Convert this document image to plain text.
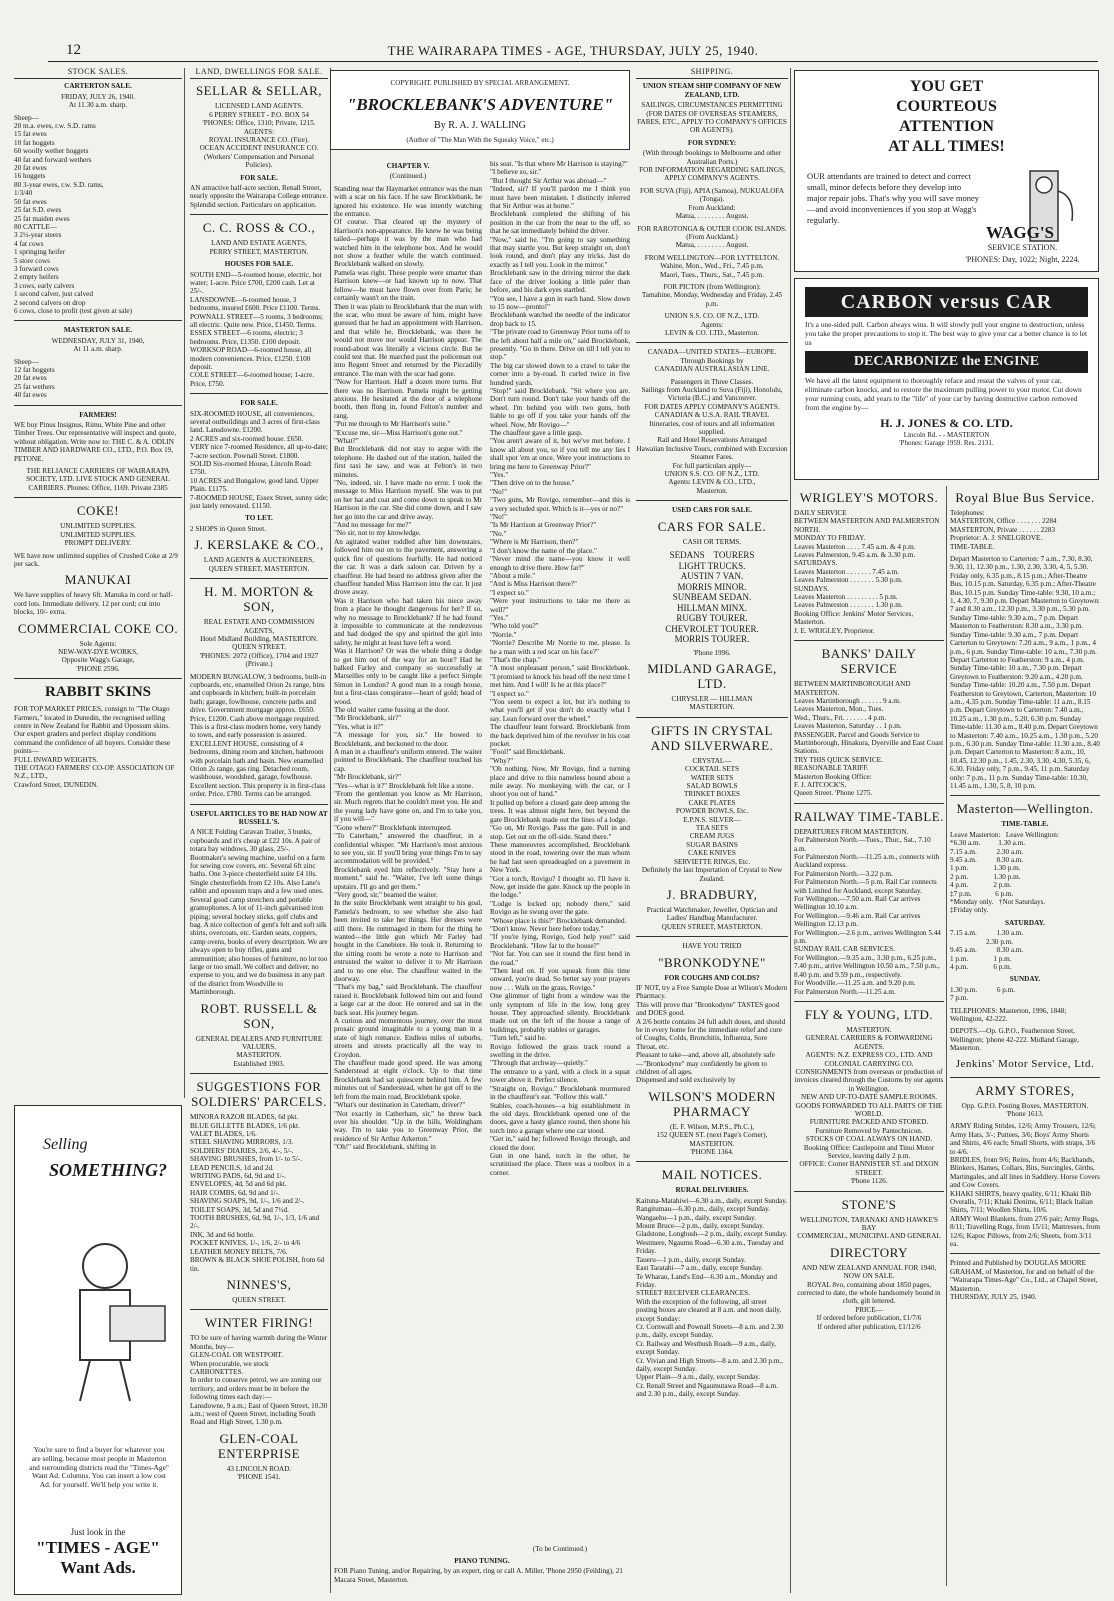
12	THE WAIRARAPA TIMES - AGE, THURSDAY, JULY 25, 1940.
STOCK SALES.
CARTERTON SALE.
FRIDAY, JULY 26, 1940.
At 11.30 a.m. sharp.
Sheep—
20 m.a. ewes, r.w. S.D. rams
15 fat ewes
10 fat hoggets
60 woolly wether hoggets
40 fat and forward wethers
20 fat ewes
16 hoggets
80 3-year ewes, r.w. S.D. rams,
1/3/40
50 fat ewes
25 fat S.D. ewes
25 fat maiden ewes
80 CATTLE—
3 2½-year steers
4 fat cows
1 springing heifer
5 store cows
3 forward cows
2 empty heifers
3 cows, early calvers
1 second calver, just calved
2 second calvers on drop
6 cows, close to profit (test given at sale)
MASTERTON SALE.
WEDNESDAY, JULY 31, 1940,
At 11 a.m. sharp.
Sheep—
12 fat hoggets
20 fat ewes
25 fat wethers
40 fat ewes
FARMERS!
WE buy Pinus Insignus, Rimu, White Pine and other Timber Trees. Our representative will inspect and quote, without obligation. Write now to: THE C. & A. ODLIN TIMBER AND HARDWARE CO., LTD., P.O. Box 19, PETONE.
THE RELIANCE CARRIERS OF WAIRARAPA SOCIETY, LTD. LIVE STOCK AND GENERAL CARRIERS. Phones: Office, 1169. Private 2385
COKE!
UNLIMITED SUPPLIES.
UNLIMITED SUPPLIES.
PROMPT DELIVERY.
WE have now unlimited supplies of Crushed Coke at 2/9 per sack.
MANUKAI
We have supplies of heavy 6ft. Manuka in cord or half-cord lots. Immediate delivery. 12 per cord; cut into blocks, 10/- extra.
COMMERCIAL COKE CO.
Sole Agents:
NEW-WAY-DYE WORKS,
Opposite Wagg's Garage,
'PHONE 2596.
RABBIT SKINS
FOR TOP MARKET PRICES, consign to "The Otago Farmers," located in Dunedin, the recognised selling centre in New Zealand for Rabbit and Opossum skins. Our expert graders and perfect display conditions command the confidence of all buyers. Consider these points—
FULL INWARD WEIGHTS.
THE OTAGO FARMERS' CO-OP. ASSOCIATION OF N.Z., LTD.,
Crawford Street, DUNEDIN.
Selling
SOMETHING?
You're sure to find a buyer for whatever you are selling, because most people in Masterton and surrounding districts read the "Times-Age" Want Ad. Columns. You can insert a low cost Ad. for yourself. We'll help you write it.
Just look in the
"TIMES - AGE"
Want Ads.
LAND, DWELLINGS FOR SALE.
SELLAR & SELLAR,
LICENSED LAND AGENTS.
6 PERRY STREET - P.O. BOX 54
'PHONES: Office, 1310; Private, 1215.
AGENTS:
ROYAL INSURANCE CO. (Fire).
OCEAN ACCIDENT INSURANCE CO. (Workers' Compensation and Personal Policies).
FOR SALE.
AN attractive half-acre section, Renall Street, nearly opposite the Wairarapa College entrance. Splendid section. Particulars on application.
C. C. ROSS & CO.,
LAND AND ESTATE AGENTS,
PERRY STREET, MASTERTON.
HOUSES FOR SALE.
SOUTH END—5-roomed house, electric, hot water; 1-acre. Price £700, £200 cash. Let at 25/-.
LANSDOWNE—6-roomed house, 3 bedrooms, insured £600. Price £1100. Terms.
POWNALL STREET—5 rooms, 3 bedrooms; all electric. Quite new. Price, £1450. Terms.
ESSEX STREET—6 rooms, electric; 3 bedrooms. Price, £1350. £100 deposit.
WORKSOP ROAD—6-roomed house, all modern conveniences. Price, £1250. £100 deposit.
COLE STREET—6-roomed house; 1-acre. Price, £750.
FOR SALE.
SIX-ROOMED HOUSE, all conveniences, several outbuildings and 3 acres of first-class land. Lansdowne. £1200.
2 ACRES and six-roomed house. £650.
VERY nice 7-roomed Residence, all up-to-date; 7-acre section. Pownall Street. £1800.
SOLID Six-roomed House, Lincoln Road: £750.
10 ACRES and Bungalow, good land. Upper Plain. £1175.
7-ROOMED HOUSE, Essex Street, sunny side; just lately renovated. £1150.
TO LET.
2 SHOPS in Queen Street.
J. KERSLAKE & CO.,
LAND AGENTS & AUCTIONEERS,
QUEEN STREET, MASTERTON.
H. M. MORTON & SON,
REAL ESTATE AND COMMISSION AGENTS,
Hotel Midland Building, MASTERTON.
QUEEN STREET.
'PHONES: 2072 (Office), 1704 and 1927 (Private.)
MODERN BUNGALOW, 3 bedrooms, built-in cupboards, etc, enamelled Orion 2s range, bins and cupboards in kitchen; built-in porcelain bath; garage, fowlhouse, concrete paths and drive. Government mortgage approx. £650. Price, £1200. Cash above mortgage required. This is a first-class modern home, very handy to town, and early possession is assured.
EXCELLENT HOUSE, consisting of 4 bedrooms, dining room and kitchen, bathroom with porcelain bath and basin. New enamelled Orion 2s range, gas ring. Detached room, washhouse, woodshed, garage, fowlhouse. Excellent section. This property is in first-class order. Price, £780. Terms can be arranged.
USEFUL ARTICLES TO BE HAD NOW AT RUSSELL'S.
A NICE Folding Caravan Trailer, 3 bunks, cupboards and it's cheap at £22 10s. A pair of totara bay windows, 30 glass, 25/-. Bootmaker's sewing machine, useful on a farm for sewing cow covers, etc. Several 6ft zinc baths. One 3-piece chesterfield suite £4 10s. Single chesterfields from £2 10s. Also Lane's rabbit and opossum traps and a few used ones. Several good camp stretchers and portable gramophones. A lot of 11-inch galvanised iron piping; several hockey sticks, golf clubs and bag. A nice collection of gent's felt and soft silk shirts, overcoats, etc. Garden seats, coppers, camp ovens, books of every description. We are always open to buy rifles, guns and ammunition; also houses of furniture, no lot too large or too small. We collect and deliver, no expense to you, and we do business in any part of the district from Woodville to Martinborough.
ROBT. RUSSELL & SON,
GENERAL DEALERS AND FURNITURE VALUERS.
MASTERTON.
Established 1903.
SUGGESTIONS FOR SOLDIERS' PARCELS.
MINORA RAZOR BLADES, 6d pkt.
BLUE GILLETTE BLADES, 1/6 pkt.
VALET BLADES, 1/6.
STEEL SHAVING MIRRORS, 1/3.
SOLDIERS' DIARIES, 2/6, 4/-, 5/-.
SHAVING BRUSHES, from 1/- to 5/-.
LEAD PENCILS, 1d and 2d.
WRITING PADS, 6d, 9d and 1/-.
ENVELOPES, 4d, 5d and 6d pkt.
HAIR COMBS, 6d, 9d and 1/-.
SHAVING SOAPS, 9d, 1/-, 1/6 and 2/-.
TOILET SOAPS, 3d, 5d and 7½d.
TOOTH BRUSHES, 6d, 9d, 1/-, 1/3, 1/6 and 2/-.
INK, 3d and 6d bottle.
POCKET KNIVES, 1/-, 1/6, 2/- to 4/6
LEATHER MONEY BELTS, 7/6.
BROWN & BLACK SHOE POLISH, from 6d tin.
NINNES'S,
QUEEN STREET.
WINTER FIRING!
TO be sure of having warmth during the Winter Months, buy—
GLEN-COAL OR WESTPORT.
When procurable, we stock
CARBONETTES.
In order to conserve petrol, we are zoning our territory, and orders must be in before the following times each day:—
Lansdowne, 9 a.m.; East of Queen Street, 10.30 a.m.; west of Queen Street, including South Road and High Street, 1.30 p.m.
GLEN-COAL ENTERPRISE
43 LINCOLN ROAD.
'PHONE 1541.
COPYRIGHT. PUBLISHED BY SPECIAL ARRANGEMENT.
"BROCKLEBANK'S ADVENTURE"
By R. A. J. WALLING
(Author of "The Man With the Squeaky Voice," etc.)
CHAPTER V.
(Continued.)
Standing near the Haymarket entrance was the man with a scar on his face. If he saw Brocklebank, he ignored his existence. He was intently watching the entrance.
Of course. That cleared up the mystery of Harrison's non-appearance. He knew he was being tailed—perhaps it was by the man who had watched him in the telephone box. And he would not show a feather while the watch continued. Brocklebank walked on slowly.
Pamela was right. These people were smarter than Harrison knew—or had known up to now. That fellow—he must have flown over from Paris; he certainly wasn't on the train.
Then it was plain to Brocklebank that the man with the scar, who must be aware of him, might have guessed that he had an appointment with Harrison, and that while he, Brocklebank, was there he would not move nor would Harrison appear. The round-about was literally a vicious circle. But he could test that. He marched past the policeman out into Regent Street and returned by the Piccadilly entrance. The man with the scar had gone.
"Now for Harrison. Half a dozen more turns. But there was no Harrison. Pamela might be getting anxious. He hesitated at the door of a telephone booth, then flung in, found Felton's number and rang.
"Put me through to Mr Harrison's suite."
"Excuse me, sir—Miss Harrison's gone out."
"What?"
But Brocklebank did not stay to argue with the telephone. He dashed out of the station, hailed the first taxi he saw, and was at Felton's in two minutes.
"No, indeed, sir. I have made no error. I took the message to Miss Harrison myself. She was to put on her hat and coat and come down to speak to Mr Harrison in the car. She did come down, and I saw her go into the car and drive away.
"And no message for me?"
"No sir, not to my knowledge.
An agitated waiter toddled after him downstairs, followed him out on to the pavement, answering a quick fire of questions fearfully. He had noticed the car. It was a dark saloon car. Driven by a chauffeur. He had heard no address given after the chauffeur handed Miss Harrison into the car. It just drove away.
Was it Harrison who had taken his niece away from a place he thought dangerous for her? If so, why no message to Brocklebank? If he had found it impossible to communicate at the rendezvous and had dodged the spy and spirited the girl into safety, he might at least have left a word.
Was it Harrison? Or was the whole thing a dodge to get him out of the way for an hour? Had he balked Farley and company so successfully at Marseilles only to be caught like a perfect Simple Simon in London? A good man in a rough house, but a first-class conspirator—heart of gold; head of wood.
The old waiter came fussing at the door.
"Mr Brocklebank, sir?"
"Yes, what is it?"
"A message for you, sir." He bowed to Brocklebank, and beckoned to the door.
A man in a chauffeur's uniform entered. The waiter pointed to Brocklebank. The chauffeur touched his cap.
"Mr Brocklebank, sir?"
"Yes—what is it?" Brocklebank felt like a stone.
"From the gentleman you know as Mr Harrison, sir. Much regrets that he couldn't meet you. He and the young lady have gone on, and I'm to take you, if you will—"
"Gone where?" Brocklebank interrupted.
"To Caterham," answered the chauffeur, in a confidential whisper. "Mr Harrison's most anxious to see you, sir. If you'll bring your things I'm to say accommodation will be provided."
Brocklebank eyed him reflectively. "Stay here a moment," said he. "Waiter, I've left some things upstairs. I'll go and get them."
"Very good, sir," beamed the waiter.
In the suite Brocklebank went straight to his goal, Pamela's bedroom, to see whether she also had been invited to take her things. Her dresses were still there. He rummaged in them for the thing he wanted—the little gun which Mr Farley had bought in the Canebiere. He took it. Returning to the sitting room he wrote a note to Harrison and entrusted the waiter to deliver it to Mr Harrison and to no one else. The chauffeur waited in the doorway.
"That's my bag," said Brocklebank. The chauffeur raised it. Brocklebank followed him out and found a large car at the door. He entered and sat in the back seat. His journey began.
A curious and momentous journey, over the most prosaic ground imaginable to a young man in a state of high romance. Endless miles of suburbs, streets and streets practically all the way to Croydon.
The chauffeur made good speed. He was among Sanderstead at eight o'clock. Up to that time Brocklebank had sat quiescent behind him. A few minutes out of Sanderstead, when he got off to the left from the main road, Brocklebank spoke.
"What's our destination in Caterham, driver?"
"Not exactly in Catherham, sir," he threw back over his shoulder. "Up in the hills, Woldingham way. I'm to take you to Greenway Prior, the residence of Sir Arthur Arkerton."
"Oh!" said Brocklebank, shifting in
his seat. "Is that where Mr Harrison is staying?"
"I believe so, sir."
"But I thought Sir Arthur was abroad—"
"Indeed, sir? If you'll pardon me I think you must have been mistaken. I distinctly inferred that Sir Arthur was at home."
Brocklebank completed the shifting of his position in the car from the near to the off, so that he sat immediately behind the driver.
"Now," said he. "I'm going to say something that may startle you. But keep straight on, don't look round, and don't play any tricks. Just do exactly as I tell you. Look in the mirror."
Brocklebank saw in the driving mirror the dark face of the driver looking a little paler than before, and his dark eyes startled.
"You see, I have a gun in each hand. Slow down to 15 now—pronto!"
Brocklebank watched the needle of the indicator drop back to 15.
"The private road to Greenway Prior turns off to the left about half a mile on," said Brocklebank, presently. "Go in there. Drive on till I tell you to stop."
The big car slowed down to a crawl to take the corner into a by-road. It curled twice in five hundred yards.
"Stop!" said Brocklebank. "Sit where you are. Don't turn round. Don't take your hands off the wheel. I'm behind you with two guns, both liable to go off if you take your hands off the wheel. Now, Mr Rovigo—"
The chauffeur gave a little gasp.
"You aren't aware of it, but we've met before. I know all about you, so if you tell me any lies I shall spot 'em at once. Were your instructions to bring me here to Greenway Prior?"
"Yes."
"Then drive on to the house."
"No!"
"Two guns, Mr Rovigo, remember—and this is a very secluded spot. Which is it—yes or no?"
"No!"
"Is Mr Harrison at Greenway Prior?"
"No."
"Where is Mr Harrison, then?"
"I don't know the name of the place."
"Never mind the name—you know it well enough to drive there. How far?"
"About a mile."
"And is Miss Harrison there?"
"I expect so."
"Were your instructions to take me there as well?"
"Yes."
"Who told you?"
"Norrie."
"Norrie? Describe Mr Norrie to me, please. Is he a man with a red scar on his face?"
"That's the chap."
"A most unpleasant person," said Brocklebank. "I promised to knock his head off the next time I met him. And I will! Is he at this place?"
"I expect so."
"You seem to expect a lot, but it's nothing to what you'll get if you don't do exactly what I say. Lean forward over the wheel."
The chauffeur leant forward. Brocklebank from the back deprived him of the revolver in his coat pocket.
"Fool!" said Brocklebank.
"Why?"
"Oh nothing. Now, Mr Rovigo, find a turning place and drive to this nameless hound about a mile away. No monkeying with the car, or I shoot you out of hand."
It pulled up before a closed gate deep among the trees. It was almost night here, but beyond the gate Brocklebank made out the lines of a lodge.
"Go on, Mr Rovigo. Pass the gate. Pull in and stop. Get out on the off-side. Stand there."
These manoeuvres accomplished, Brocklebank stood in the road, towering over the man whom he had last seen spreadeagled on a pavement in New York.
"Got a torch, Rovigo? I thought so. I'll have it. Now, get inside the gate. Knock up the people in the lodge."
"Lodge is locked up; nobody there," said Rovigo as he swung over the gate.
"Whose place is this?" Brocklebank demanded.
"Don't know. Never here before today."
"If you're lying, Rovigo, God help you!" said Brocklebank. "How far to the house?"
"Not far. You can see it round the first bend in the road."
"Then lead on. If you squeak from this time onward, you're dead. So better say your prayers now . . . Walk on the grass, Rovigo."
One glimmer of light from a window was the only symptom of life in the low, long grey house. They approached silently. Brocklebank made out on the left of the house a range of buildings, probably stables or garages.
"Turn left," said he.
Rovigo followed the grass track round a swelling in the drive.
"Through that archway—quietly."
The entrance to a yard, with a clock in a squat tower above it. Perfect silence.
"Straight on, Rovigo." Brocklebank murmured in the chauffeur's ear. "Follow this wall."
Stables, coach-houses—a big establishment in the old days. Brocklebank opened one of the doors, gave a hasty glance round, then shone his torch into a garage where one car stood.
"Get in," said he; followed Rovigo through, and closed the door.
Gun in one hand, torch in the other, he scrutinised the place. There was a toolbox in a corner.
(To be Continued.)
PIANO TUNING.
FOR Piano Tuning, and/or Repairing, by an expert, ring or call A. Miller, 'Phone 2950 (Feilding), 21 Macara Street, Masterton.
SHIPPING.
UNION STEAM SHIP COMPANY OF NEW ZEALAND, LTD.
SAILINGS, CIRCUMSTANCES PERMITTING (FOR DATES OF OVERSEAS STEAMERS, FARES, ETC., APPLY TO COMPANY'S OFFICES OR AGENTS).
FOR SYDNEY:
(With through bookings to Melbourne and other Australian Ports.)
FOR INFORMATION REGARDING SAILINGS, APPLY COMPANY'S AGENTS.
FOR SUVA (Fiji), APIA (Samoa), NUKUALOFA (Tonga).
From Auckland:
Matua, . . . . . . . . August.
FOR RAROTONGA & OUTER COOK ISLANDS.
(From Auckland.)
Matua, . . . . . . . . August.
FROM WELLINGTON—FOR LYTTELTON.
Wahine, Mon., Wed., Fri., 7.45 p.m.
Maori, Tues., Thurs., Sat., 7.45 p.m.
FOR PICTON (from Wellington):
Tamahine, Monday, Wednesday and Friday, 2.45 p.m.
UNION S.S. CO. OF N.Z., LTD.
Agents:
LEVIN & CO. LTD., Masterton.
CANADA—UNITED STATES—EUROPE.
Through Bookings by
CANADIAN AUSTRALASIAN LINE.
Passengers in Three Classes.
Sailings from Auckland to Suva (Fiji), Honolulu, Victoria (B.C.) and Vancouver.
FOR DATES APPLY COMPANY'S AGENTS.
CANADIAN & U.S.A. RAIL TRAVEL
Itineraries, cost of tours and all information supplied.
Rail and Hotel Reservations Arranged
Hawaiian Inclusive Tours, combined with Excursion Steamer Fares.
For full particulars apply—
UNION S.S. CO. OF N.Z., LTD.
Agents: LEVIN & CO., LTD.,
Masterton.
USED CARS FOR SALE.
CARS FOR SALE.
CASH OR TERMS.
SEDANS    TOURERS
LIGHT TRUCKS.
AUSTIN 7 VAN.
MORRIS MINOR.
SUNBEAM SEDAN.
HILLMAN MINX.
RUGBY TOURER.
CHEVROLET TOURER.
MORRIS TOURER.
'Phone 1996.
MIDLAND GARAGE, LTD.
CHRYSLER — HILLMAN
MASTERTON.
GIFTS IN CRYSTAL AND SILVERWARE.
CRYSTAL—
COCKTAIL SETS
WATER SETS
SALAD BOWLS
TRINKET BOXES
CAKE PLATES
POWDER BOWLS, Etc.
E.P.N.S. SILVER—
TEA SETS
CREAM JUGS
SUGAR BASINS
CAKE KNIVES
SERVIETTE RINGS, Etc.
Definitely the last Importation of Crystal to New Zealand.
J. BRADBURY,
Practical Watchmaker, Jeweller, Optician and Ladies' Handbag Manufacturer.
QUEEN STREET, MASTERTON.
HAVE YOU TRIED
"BRONKODYNE"
FOR COUGHS AND COLDS?
IF NOT, try a Free Sample Dose at Wilson's Modern Pharmacy.
This will prove that "Bronkodyne" TASTES good and DOES good.
A 2/6 bottle contains 24 full adult doses, and should be in every home for the immediate relief and cure of Coughs, Colds, Bronchitis, Influenza, Sore Throat, etc.
Pleasant to take—and, above all, absolutely safe—"Bronkodyne" may confidently be given to children of all ages.
Dispensed and sold exclusively by
WILSON'S MODERN PHARMACY
(E. F. Wilson, M.P.S., Ph.C.),
152 QUEEN ST. (next Page's Corner), MASTERTON.
'PHONE 1364.
MAIL NOTICES.
RURAL DELIVERIES.
Kaituna-Matahiwi—6.30 a.m., daily, except Sunday.
Rangitumau—6.30 p.m., daily, except Sunday.
Wangaehu—1 p.m., daily, except Sunday.
Mount Bruce—2 p.m., daily, except Sunday.
Gladstone, Longbush—2 p.m., daily, except Sunday.
Westmere, Ngaumu Road—6.30 a.m., Tuesday and Friday.
Taueru—1 p.m., daily, except Sunday.
East Taratahi—7 a.m., daily, except Sunday.
Te Wharau, Land's End—6.30 a.m., Monday and Friday.
STREET RECEIVER CLEARANCES.
With the exception of the following, all street posting boxes are cleared at 8 a.m. and noon daily, except Sunday:
Cr. Cornwall and Pownall Streets—8 a.m. and 2.30 p.m., daily, except Sunday.
Cr. Railway and Westbush Roads—9 a.m., daily, except Sunday.
Cr. Vivian and High Streets—8 a.m. and 2.30 p.m., daily, except Sunday.
Upper Plain—9 a.m., daily, except Sunday.
Cr. Renall Street and Ngaumutawa Road—8 a.m. and 2.30 p.m., daily, except Sunday.
YOU GET
COURTEOUS
ATTENTION
AT ALL TIMES!
OUR attendants are trained to detect and correct small, minor defects before they develop into major repair jobs. That's why you will save money—and avoid inconveniences if you stop at Wagg's regularly.
WAGG'S
SERVICE STATION.
'PHONES: Day, 1022; Night, 2224.
CARBON versus CAR
It's a one-sided pull. Carbon always wins. It will slowly pull your engine to destruction, unless you take the proper precautions to stop it. The best way to give your car a better chance is to let us
DECARBONIZE the ENGINE
We have all the latest equipment to thoroughly reface and reseat the valves of your car, eliminate carbon knocks, and to restore the maximum pulling power to your motor. Cut down your running costs, add years to the "life" of your car by having destructive carbon removed from the engine by—
H. J. JONES & CO. LTD.
Lincoln Rd. - - MASTERTON
'Phones: Garage 1959. Res. 2131.
WRIGLEY'S MOTORS.
DAILY SERVICE
BETWEEN MASTERTON AND PALMERSTON NORTH.
MONDAY TO FRIDAY.
Leaves Masterton . . . . 7.45 a.m. & 4 p.m.
Leaves Palmerston, 9.45 a.m. & 3.30 p.m.
SATURDAYS.
Leaves Masterton . . . . . . . 7.45 a.m.
Leaves Palmerston . . . . . . . 5.30 p.m.
SUNDAYS.
Leaves Masterton . . . . . . . . . 5 p.m.
Leaves Palmerston . . . . . . . 1.30 p.m.
Booking Office: Jenkins' Motor Services, Masterton.
J. E. WRIGLEY, Proprietor.
BANKS' DAILY SERVICE
BETWEEN MARTINBOROUGH AND MASTERTON.
Leaves Martinborough . . . . . . 9 a.m.
Leaves Masterton, Mon., Tues.
Wed., Thurs., Fri. . . . . . . 4 p.m.
Leaves Masterton, Saturday . . 1 p.m.
PASSENGER, Parcel and Goods Service to Martinborough, Hinakura, Dyerville and East Coast Stations.
TRY THIS QUICK SERVICE.
REASONABLE TARIFF.
Masterton Booking Office:
F. J. AITCOCK'S,
Queen Street. 'Phone 1275.
RAILWAY TIME-TABLE.
DEPARTURES FROM MASTERTON.
For Palmerston North.—Tues., Thur., Sat., 7.10 a.m.
For Palmerston North.—11.25 a.m., connects with Auckland express.
For Palmerston North.—3.22 p.m.
For Palmerston North.—5 p.m. Rail Car connects with Limited for Auckland, except Saturday.
For Wellington.—7.50 a.m. Rail Car arrives Wellington 10.10 a.m.
For Wellington.—9.46 a.m. Rail Car arrives Wellington 12.13 p.m.
For Wellington.—2.6 p.m., arrives Wellington 5.44 p.m.
SUNDAY RAIL CAR SERVICES.
For Wellington.—9.35 a.m., 3.30 p.m., 6.25 p.m., 7.40 p.m., arrive Wellington 10.50 a.m., 7.50 p.m., 8.40 p.m. and 9.59 p.m., respectively.
For Woodville.—11.25 a.m. and 9.20 p.m.
For Palmerston North.—11.25 a.m.
FLY & YOUNG, LTD.
MASTERTON.
GENERAL CARRIERS & FORWARDING AGENTS.
AGENTS: N.Z. EXPRESS CO., LTD. AND COLONIAL CARRYING CO.
CONSIGNMENTS from overseas or production of invoices cleared through the Customs by our agents in Wellington.
NEW AND UP-TO-DATE SAMPLE ROOMS.
GOODS FORWARDED TO ALL PARTS OF THE WORLD.
FURNITURE PACKED AND STORED.
Furniture Removed by Pantechnicon.
STOCKS OF COAL ALWAYS ON HAND.
Booking Office: Castlepoint and Tinui Motor Service, leaving daily 2 p.m.
OFFICE: Corner BANNISTER ST. and DIXON STREET.
'Phone 1126.
STONE'S
WELLINGTON, TARANAKI AND HAWKE'S BAY
COMMERCIAL, MUNICIPAL AND GENERAL
DIRECTORY
AND NEW ZEALAND ANNUAL FOR 1940, NOW ON SALE.
ROYAL 8vo, containing about 1850 pages, corrected to date, the whole handsomely bound in cloth, gilt lettered.
PRICE—
If ordered before publication, £1/7/6
If ordered after publication, £1/12/6
Royal Blue Bus Service.
Telephones:
MASTERTON, Office . . . . . . . 2284
MASTERTON, Private . . . . . . 2283
Proprietor: A. J. SNELGROVE.
TIME-TABLE.
Depart Masterton to Carterton: 7 a.m., 7.30, 8.30, 9.30, 11, 12.30 p.m., 1.30, 2.30, 3.30, 4, 5, 5.30. Friday only, 6.35 p.m., 8.15 p.m.; After-Theatre Bus, 10.15 p.m. Saturday, 6.35 p.m.; After-Theatre Bus, 10.15 p.m. Sunday Time-table: 9.30, 10 a.m.; 1, 4.30, 7, 9.30 p.m. Depart Masterton to Greytown: 7 and 8.30 a.m., 12.30 p.m., 3.30 p.m., 5.30 p.m. Sunday Time-table: 9.30 a.m., 7 p.m. Depart Masterton to Featherston: 8.30 a.m., 3.30 p.m. Sunday Time-table: 9.30 a.m., 7 p.m. Depart Carterton to Greytown: 7.20 a.m., 9 a.m., 1 p.m., 4 p.m., 6 p.m. Sunday Time-table: 10 a.m., 7.30 p.m. Depart Carterton to Featherston: 9 a.m., 4 p.m. Sunday Time-table: 10 a.m., 7.30 p.m. Depart Greytown to Featherston: 9.20 a.m., 4.20 p.m. Sunday Time-table: 10.20 a.m., 7.50 p.m. Depart Featherston to Greytown, Carterton, Masterton: 10 a.m., 4.35 p.m. Sunday Time-table: 11 a.m., 8.15 p.m. Depart Greytown to Carterton: 7.40 a.m., 10.25 a.m., 1.30 p.m., 5.20, 6.30 p.m. Sunday Time-table: 11.30 a.m., 8.40 p.m. Depart Greytown to Masterton: 7.40 a.m., 10.25 a.m., 1.30 p.m., 5.20 p.m., 6.30 p.m. Sunday Time-table: 11.30 a.m., 8.40 p.m. Depart Carterton to Masterton: 8 a.m., 10, 10.45, 12.30 p.m., 1.45, 2.30, 3.30, 4.30, 5.35, 6, 6.30. Friday only, 7 p.m., 9.45, 11 p.m. Saturday only: 7 p.m., 11 p.m. Sunday Time-table: 10.30, 11.45 a.m., 1.30, 5, 8, 10 p.m.
Masterton—Wellington.
TIME-TABLE.
Leave Masterton:   Leave Wellington:
*6.30 a.m.          1.30 a.m.
7.15 a.m.           2.30 a.m.
9.45 a.m.           8.30 a.m.
1 p.m.              1.30 p.m.
2 p.m.              1.30 p.m.
4 p.m.              2 p.m.
‡7 p.m.             6 p.m.
*Monday only.   †Not Saturdays.
‡Friday only.
SATURDAY.
7.15 a.m.           1.30 a.m.
2.30 p.m.
9.45 a.m.           8.30 a.m.
1 p.m.              1 p.m.
4 p.m.              6 p.m.
SUNDAY.
1.30 p.m.           6 p.m.
7 p.m.
TELEPHONES: Masterton, 1996, 1848; Wellington, 42-222.
DEPOTS.—Op. G.P.O., Featherston Street, Wellington; 'phone 42-222. Midland Garage, Masterton.
Jenkins' Motor Service, Ltd.
ARMY STORES,
Opp. G.P.O. Posting Boxes, MASTERTON.
'Phone 1613.
ARMY Riding Strides, 12/6; Army Trousers, 12/6; Army Hats, 3/-; Puttees, 3/6; Boys' Army Shorts and Shirts, 4/6 each; Small Shorts, with straps, 3/6 to 4/6.
BRIDLES, from 9/6; Reins, from 4/6; Backbands, Blinkers, Hames, Collars, Bits, Surcingles, Girths, Martingales, and all lines in Saddlery. Horse Covers and Cow Covers.
KHAKI SHIRTS, heavy quality, 6/11; Khaki Bib Overalls, 7/11; Khaki Denims, 6/11; Black Italian Shirts, 7/11; Woollen Shirts, 10/6.
ARMY Wool Blankets, from 27/6 pair; Army Rugs, 8/11; Travelling Rugs, from 15/11; Mattresses, from 12/6; Kapoc Pillows, from 2/6; Sheets, from 3/11 ea.
Printed and Published by DOUGLAS MOORE GRAHAM, of Masterton, for and on behalf of the "Wairarapa Times-Age" Co., Ltd., at Chapel Street, Masterton.
THURSDAY, JULY 25, 1940.
